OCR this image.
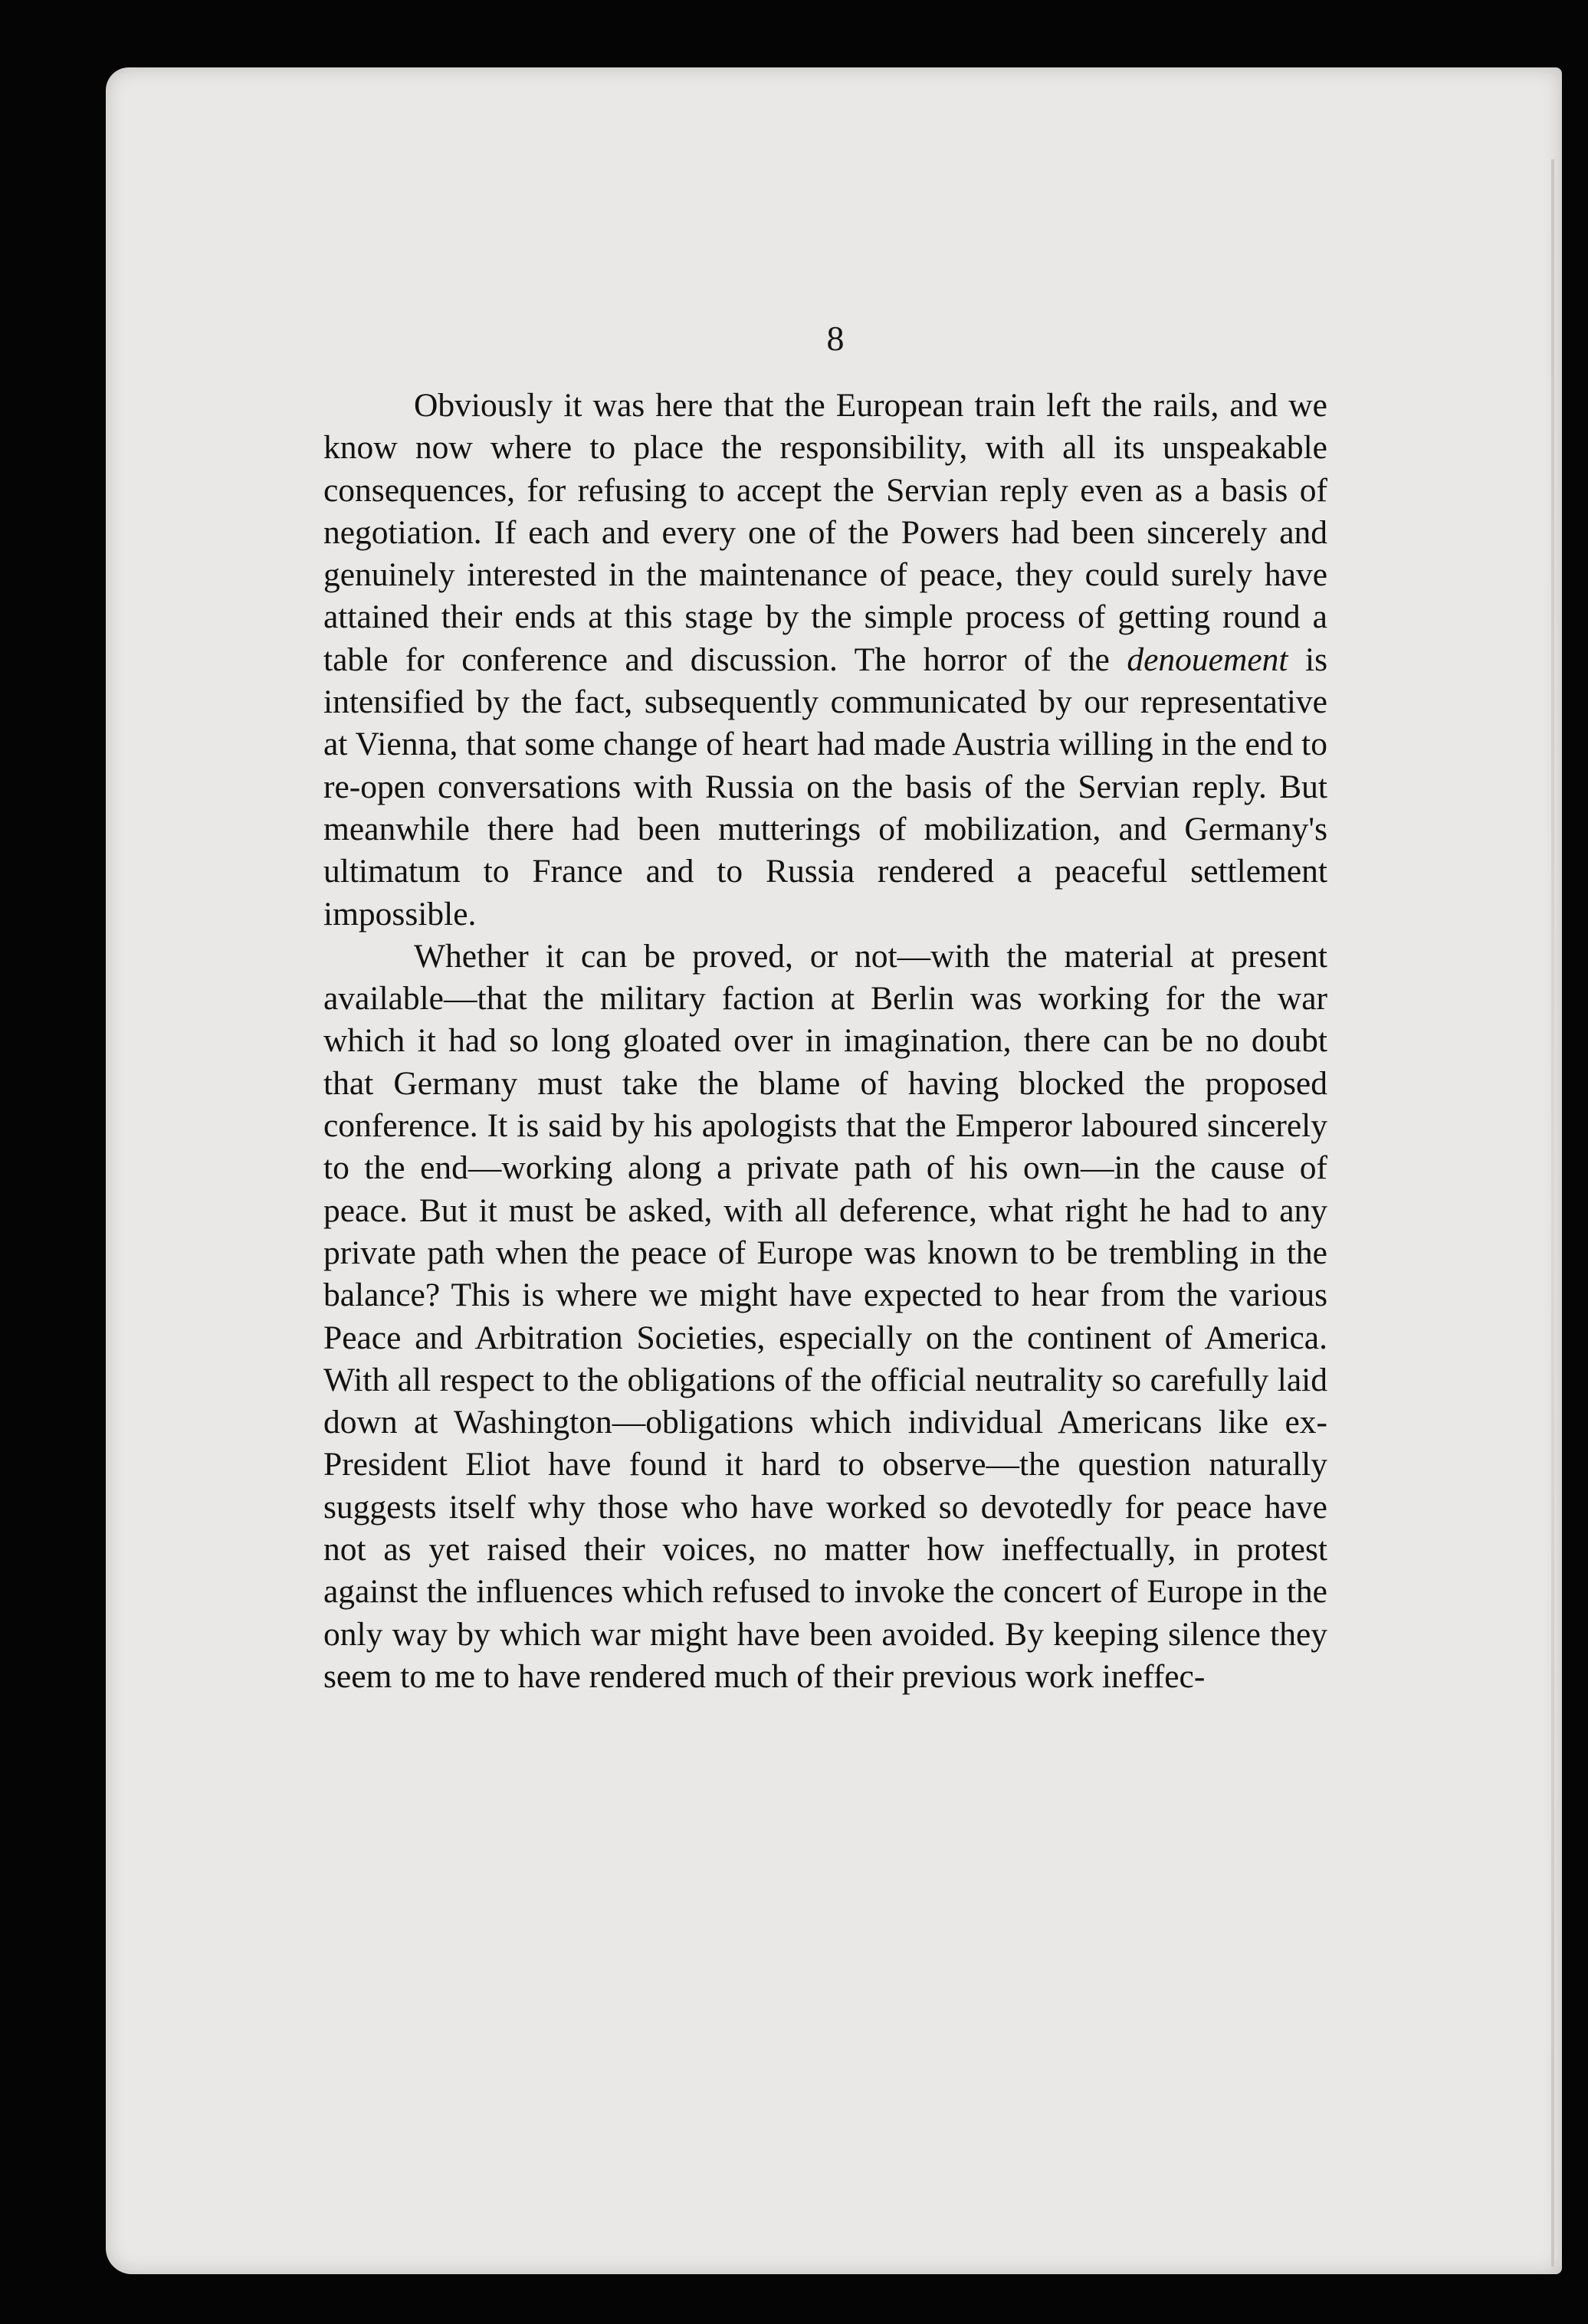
8

Obviously it was here that the European train left the rails, and we know now where to place the responsibility, with all its unspeakable consequences, for refusing to accept the Servian reply even as a basis of negotiation. If each and every one of the Powers had been sincerely and genuinely interested in the maintenance of peace, they could surely have attained their ends at this stage by the simple process of getting round a table for conference and discussion. The horror of the denouement is intensified by the fact, subsequently communicated by our representative at Vienna, that some change of heart had made Austria willing in the end to re-open conversations with Russia on the basis of the Servian reply. But meanwhile there had been mutterings of mobilization, and Germany's ultimatum to France and to Russia rendered a peaceful settlement impossible.

Whether it can be proved, or not—with the material at present available—that the military faction at Berlin was working for the war which it had so long gloated over in imagination, there can be no doubt that Germany must take the blame of having blocked the proposed conference. It is said by his apologists that the Emperor laboured sincerely to the end—working along a private path of his own—in the cause of peace. But it must be asked, with all deference, what right he had to any private path when the peace of Europe was known to be trembling in the balance? This is where we might have expected to hear from the various Peace and Arbitration Societies, especially on the continent of America. With all respect to the obligations of the official neutrality so carefully laid down at Washington—obligations which individual Americans like ex-President Eliot have found it hard to observe—the question naturally suggests itself why those who have worked so devotedly for peace have not as yet raised their voices, no matter how ineffectually, in protest against the influences which refused to invoke the concert of Europe in the only way by which war might have been avoided. By keeping silence they seem to me to have rendered much of their previous work ineffec-
